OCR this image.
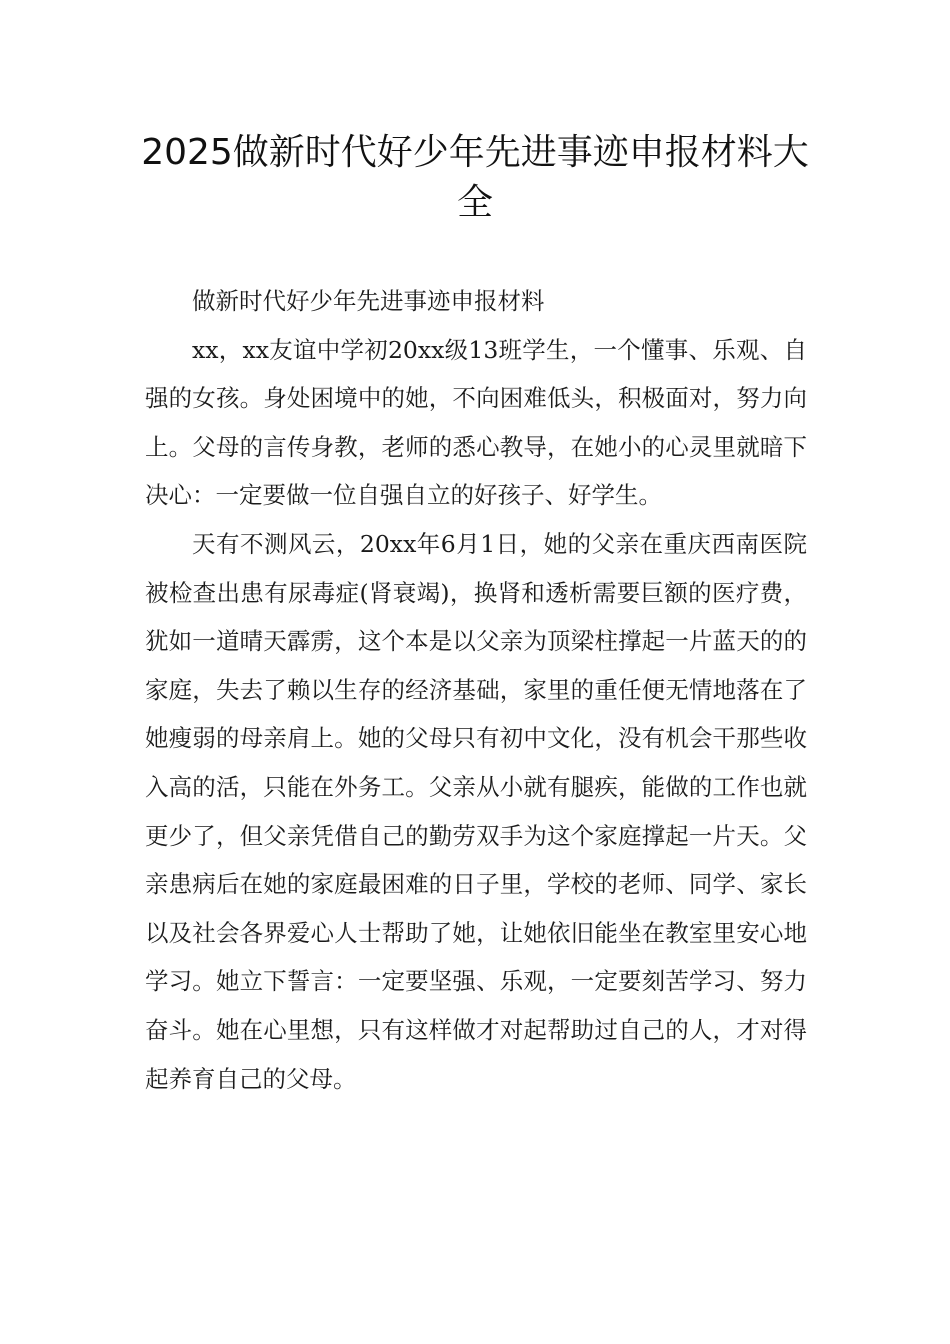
2025做新时代好少年先进事迹申报材料大全

做新时代好少年先进事迹申报材料

xx，xx友谊中学初20xx级13班学生，一个懂事、乐观、自强的女孩。身处困境中的她，不向困难低头，积极面对，努力向上。父母的言传身教，老师的悉心教导，在她小的心灵里就暗下决心：一定要做一位自强自立的好孩子、好学生。

天有不测风云，20xx年6月1日，她的父亲在重庆西南医院被检查出患有尿毒症(肾衰竭)，换肾和透析需要巨额的医疗费，犹如一道晴天霹雳，这个本是以父亲为顶梁柱撑起一片蓝天的的家庭，失去了赖以生存的经济基础，家里的重任便无情地落在了她瘦弱的母亲肩上。她的父母只有初中文化，没有机会干那些收入高的活，只能在外务工。父亲从小就有腿疾，能做的工作也就更少了，但父亲凭借自己的勤劳双手为这个家庭撑起一片天。父亲患病后在她的家庭最困难的日子里，学校的老师、同学、家长以及社会各界爱心人士帮助了她，让她依旧能坐在教室里安心地学习。她立下誓言：一定要坚强、乐观，一定要刻苦学习、努力奋斗。她在心里想，只有这样做才对起帮助过自己的人，才对得起养育自己的父母。
